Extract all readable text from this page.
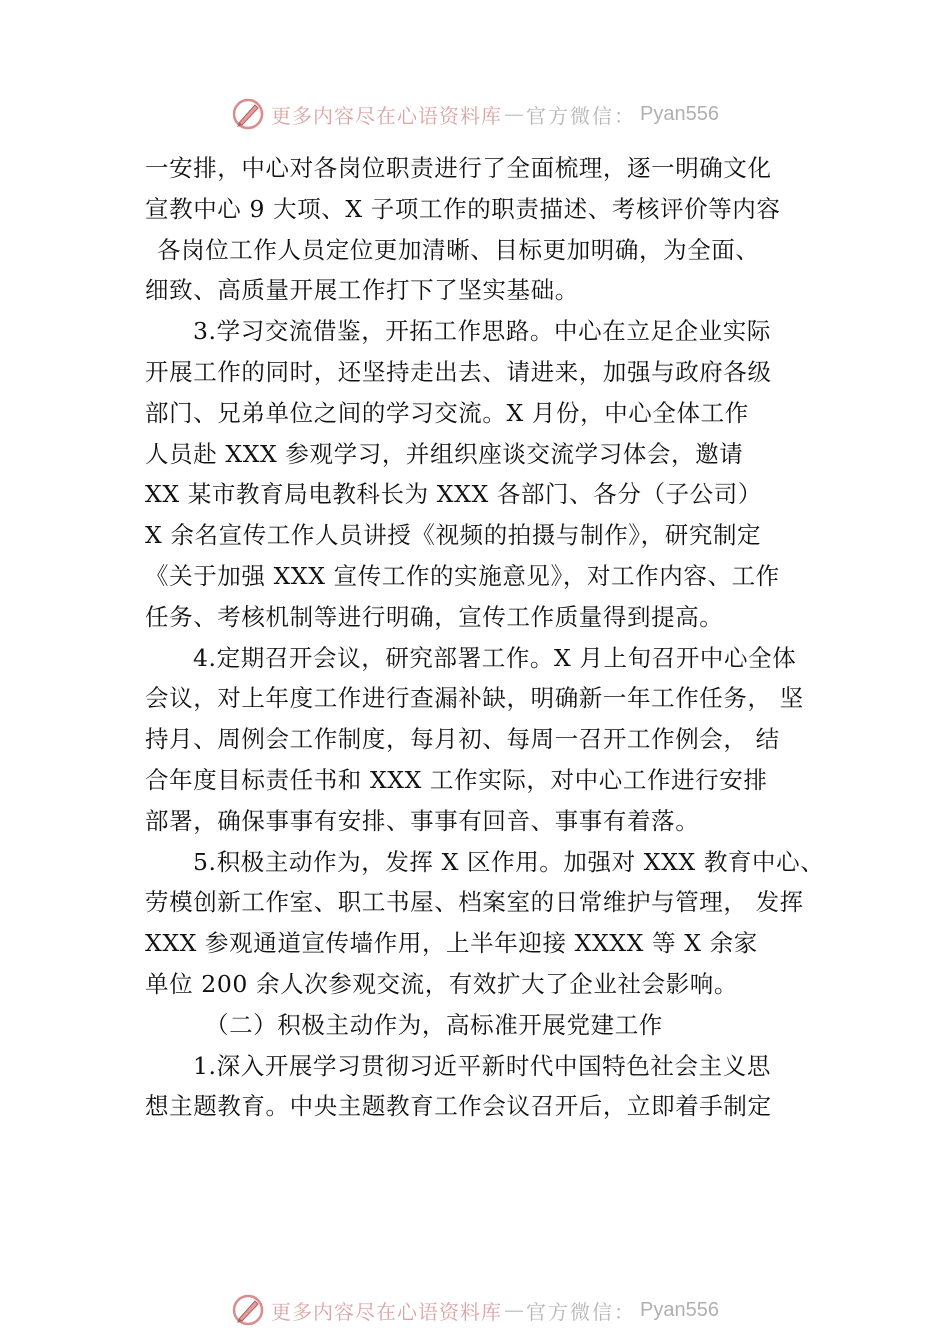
更多内容尽在心语资料库 — 官方微信： Pyan556
一安排，中心对各岗位职责进行了全面梳理，逐一明确文化
宣教中心 9 大项、X 子项工作的职责描述、考核评价等内容
各岗位工作人员定位更加清晰、目标更加明确，为全面、
细致、高质量开展工作打下了坚实基础。
3.学习交流借鉴，开拓工作思路。中心在立足企业实际
开展工作的同时，还坚持走出去、请进来，加强与政府各级
部门、兄弟单位之间的学习交流。X 月份，中心全体工作
人员赴 XXX 参观学习，并组织座谈交流学习体会，邀请
XX 某市教育局电教科长为 XXX 各部门、各分（子公司）
X 余名宣传工作人员讲授《视频的拍摄与制作》，研究制定
《关于加强 XXX 宣传工作的实施意见》，对工作内容、工作
任务、考核机制等进行明确，宣传工作质量得到提高。
4.定期召开会议，研究部署工作。X 月上旬召开中心全体
会议，对上年度工作进行查漏补缺，明确新一年工作任务， 坚
持月、周例会工作制度，每月初、每周一召开工作例会， 结
合年度目标责任书和 XXX 工作实际，对中心工作进行安排
部署，确保事事有安排、事事有回音、事事有着落。
5.积极主动作为，发挥 X 区作用。加强对 XXX 教育中心、
劳模创新工作室、职工书屋、档案室的日常维护与管理， 发挥
XXX 参观通道宣传墙作用，上半年迎接 XXXX 等 X 余家
单位 200 余人次参观交流，有效扩大了企业社会影响。
（二）积极主动作为，高标准开展党建工作
1.深入开展学习贯彻习近平新时代中国特色社会主义思
想主题教育。中央主题教育工作会议召开后，立即着手制定
更多内容尽在心语资料库 — 官方微信： Pyan556
